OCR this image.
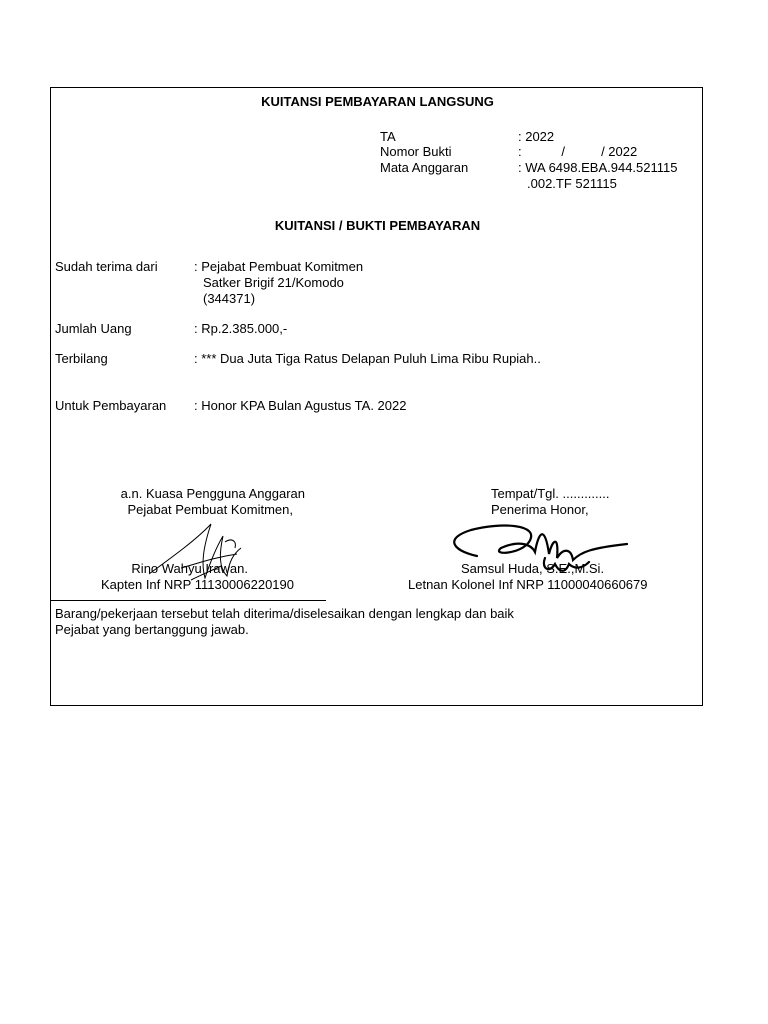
KUITANSI PEMBAYARAN LANGSUNG
TA	: 2022
Nomor Bukti	:           /          / 2022
Mata Anggaran	: WA 6498.EBA.944.521115
.002.TF 521115
KUITANSI / BUKTI PEMBAYARAN
Sudah terima dari	: Pejabat Pembuat Komitmen
Satker Brigif 21/Komodo
(344371)
Jumlah Uang	: Rp.2.385.000,-
Terbilang	: *** Dua Juta Tiga Ratus Delapan Puluh Lima Ribu Rupiah..
Untuk Pembayaran : Honor KPA Bulan Agustus TA. 2022
a.n. Kuasa Pengguna Anggaran
Pejabat Pembuat Komitmen,
Tempat/Tgl. .............
Penerima Honor,
Rino Wahyu Irawan.
Kapten Inf NRP 11130006220190
Samsul Huda, S.E.,M.Si.
Letnan Kolonel Inf NRP 11000040660679
Barang/pekerjaan tersebut telah diterima/diselesaikan dengan lengkap dan baik
Pejabat yang bertanggung jawab.
